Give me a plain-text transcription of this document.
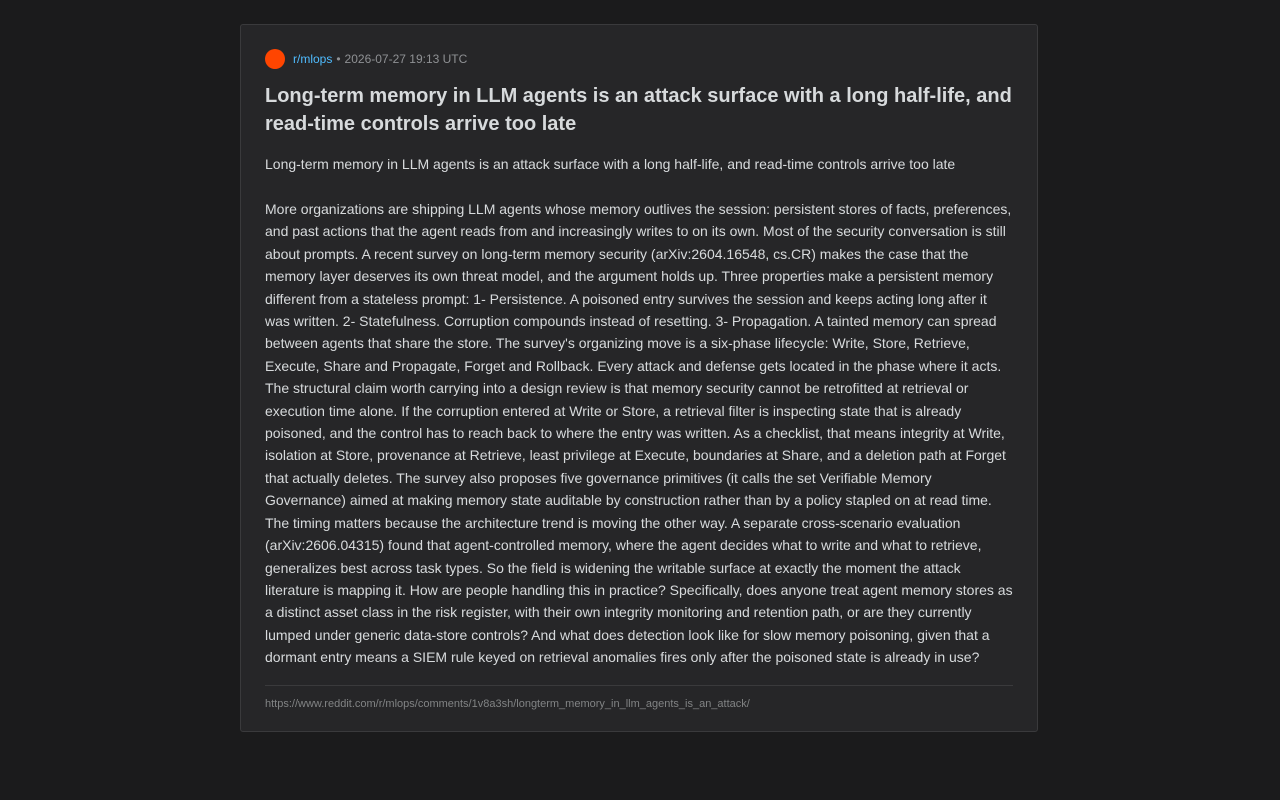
r/mlops • 2026-07-27 19:13 UTC
Long-term memory in LLM agents is an attack surface with a long half-life, and read-time controls arrive too late

Long-term memory in LLM agents is an attack surface with a long half-life, and read-time controls arrive too late

More organizations are shipping LLM agents whose memory outlives the session: persistent stores of facts, preferences, and past actions that the agent reads from and increasingly writes to on its own. Most of the security conversation is still about prompts. A recent survey on long-term memory security (arXiv:2604.16548, cs.CR) makes the case that the memory layer deserves its own threat model, and the argument holds up. Three properties make a persistent memory different from a stateless prompt: 1- Persistence. A poisoned entry survives the session and keeps acting long after it was written. 2- Statefulness. Corruption compounds instead of resetting. 3- Propagation. A tainted memory can spread between agents that share the store. The survey's organizing move is a six-phase lifecycle: Write, Store, Retrieve, Execute, Share and Propagate, Forget and Rollback. Every attack and defense gets located in the phase where it acts. The structural claim worth carrying into a design review is that memory security cannot be retrofitted at retrieval or execution time alone. If the corruption entered at Write or Store, a retrieval filter is inspecting state that is already poisoned, and the control has to reach back to where the entry was written. As a checklist, that means integrity at Write, isolation at Store, provenance at Retrieve, least privilege at Execute, boundaries at Share, and a deletion path at Forget that actually deletes. The survey also proposes five governance primitives (it calls the set Verifiable Memory Governance) aimed at making memory state auditable by construction rather than by a policy stapled on at read time. The timing matters because the architecture trend is moving the other way. A separate cross-scenario evaluation (arXiv:2606.04315) found that agent-controlled memory, where the agent decides what to write and what to retrieve, generalizes best across task types. So the field is widening the writable surface at exactly the moment the attack literature is mapping it. How are people handling this in practice? Specifically, does anyone treat agent memory stores as a distinct asset class in the risk register, with their own integrity monitoring and retention path, or are they currently lumped under generic data-store controls? And what does detection look like for slow memory poisoning, given that a dormant entry means a SIEM rule keyed on retrieval anomalies fires only after the poisoned state is already in use?

https://www.reddit.com/r/mlops/comments/1v8a3sh/longterm_memory_in_llm_agents_is_an_attack/
